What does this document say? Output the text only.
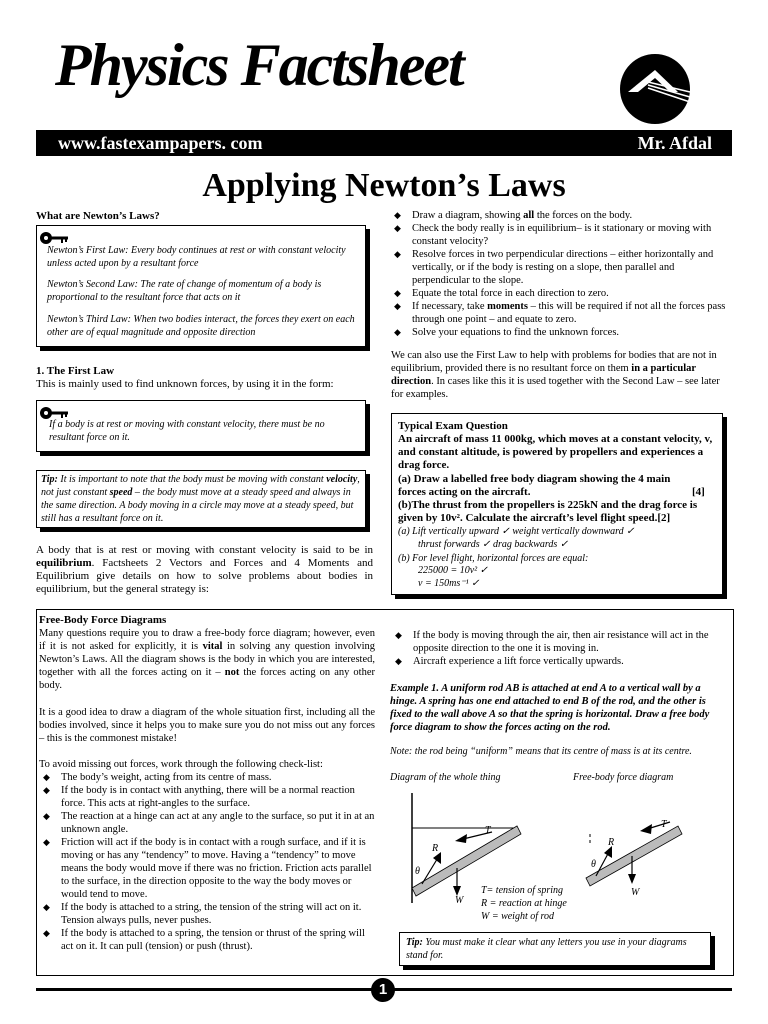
Physics Factsheet
www.fastexampapers. com	Mr. Afdal
Applying Newton’s Laws
What are Newton’s Laws?

Newton’s First Law: Every body continues at rest or with constant velocity unless acted upon by a resultant force

Newton’s Second Law: The rate of change of momentum of a body is proportional to the resultant force that acts on it

Newton’s Third Law: When two bodies interact, the forces they exert on each other are of equal magnitude and opposite direction

1. The First Law
This is mainly used to find unknown forces, by using it in the form:

If a body is at rest or moving with constant velocity, there must be no resultant force on it.

Tip: It is important to note that the body must be moving with constant velocity, not just constant speed – the body must move at a steady speed and always in the same direction. A body moving in a circle may move at a steady speed, but still has a resultant force on it.

A body that is at rest or moving with constant velocity is said to be in equilibrium. Factsheets 2 Vectors and Forces and 4 Moments and Equilibrium give details on how to solve problems about bodies in equilibrium, but the general strategy is:

◆ Draw a diagram, showing all the forces on the body.
◆ Check the body really is in equilibrium– is it stationary or moving with constant velocity?
◆ Resolve forces in two perpendicular directions – either horizontally and vertically, or if the body is resting on a slope, then parallel and perpendicular to the slope.
◆ Equate the total force in each direction to zero.
◆ If necessary, take moments – this will be required if not all the forces pass through one point – and equate to zero.
◆ Solve your equations to find the unknown forces.

We can also use the First Law to help with problems for bodies that are not in equilibrium, provided there is no resultant force on them in a particular direction. In cases like this it is used together with the Second Law – see later for examples.

Typical Exam Question

An aircraft of mass 11 000kg, which moves at a constant velocity, v, and constant altitude, is powered by propellers and experiences a drag force.

(a) Draw a labelled free body diagram showing the 4 main forces acting on the aircraft.	[4]

(b)The thrust from the propellers is 225kN and the drag force is given by 10v². Calculate the aircraft’s level flight speed.[2]

(a) Lift vertically upward ✓ weight vertically downward ✓

thrust forwards ✓ drag backwards ✓

(b) For level flight, horizontal forces are equal:

225000 = 10v² ✓

v = 150ms⁻¹ ✓

Free-Body Force Diagrams

Many questions require you to draw a free-body force diagram; however, even if it is not asked for explicitly, it is vital in solving any question involving Newton’s Laws. All the diagram shows is the body in which you are interested, together with all the forces acting on it – not the forces acting on any other body.

It is a good idea to draw a diagram of the whole situation first, including all the bodies involved, since it helps you to make sure you do not miss out any forces – this is the commonest mistake!

To avoid missing out forces, work through the following check-list:

◆ The body’s weight, acting from its centre of mass.
◆ If the body is in contact with anything, there will be a normal reaction force. This acts at right-angles to the surface.
◆ The reaction at a hinge can act at any angle to the surface, so put it in at an unknown angle.
◆ Friction will act if the body is in contact with a rough surface, and if it is moving or has any “tendency” to move. Having a “tendency” to move means the body would move if there was no friction. Friction acts parallel to the surface, in the direction opposite to the way the body moves or would tend to move.
◆ If the body is attached to a string, the tension of the string will act on it. Tension always pulls, never pushes.
◆ If the body is attached to a spring, the tension or thrust of the spring will act on it. It can pull (tension) or push (thrust).
◆ If the body is moving through the air, then air resistance will act in the opposite direction to the one it is moving in.
◆ Aircraft experience a lift force vertically upwards.

Example 1. A uniform rod AB is attached at end A to a vertical wall by a hinge. A spring has one end attached to end B of the rod, and the other is fixed to the wall above A so that the spring is horizontal. Draw a free body force diagram to show the forces acting on the rod.

Note: the rod being “uniform” means that its centre of mass is at its centre.

Diagram of the whole thing	Free-body force diagram

T
R
θ
W
T= tension of spring
R = reaction at hinge
W = weight of rod
T
R
θ
W

Tip: You must make it clear what any letters you use in your diagrams stand for.

1
